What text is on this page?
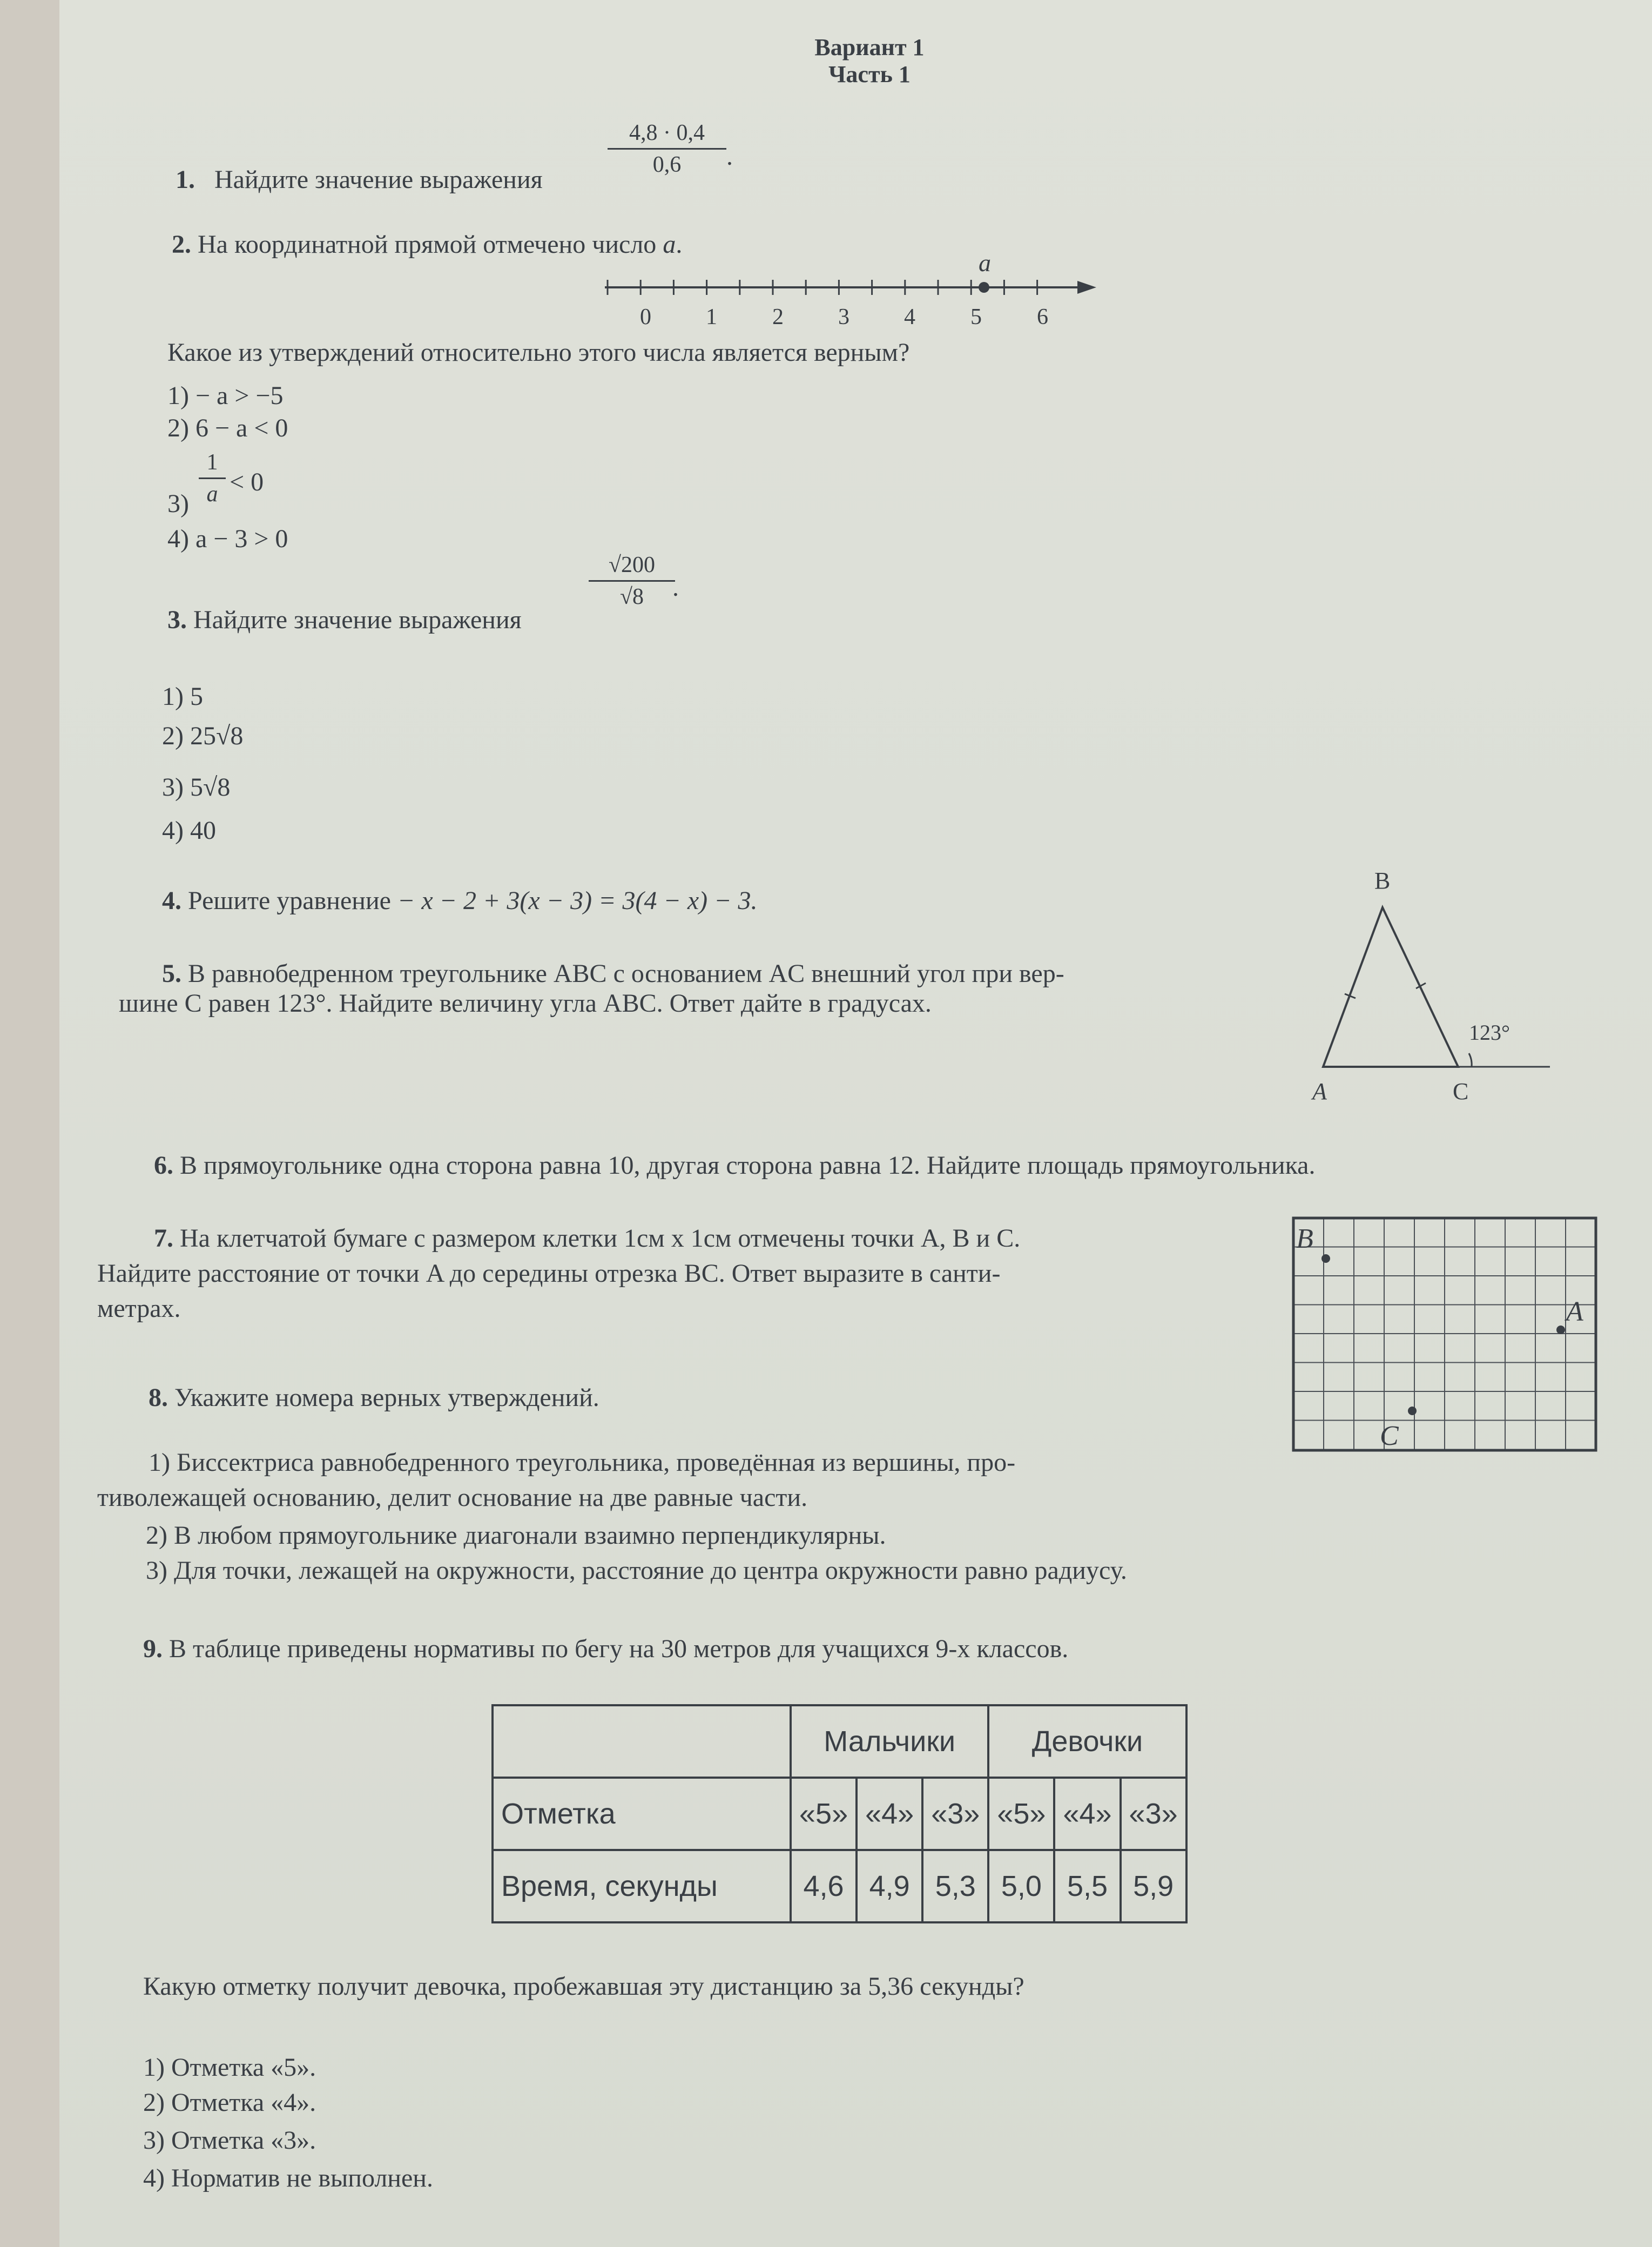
Вариант 1
Часть 1
1. Найдите значение выражения
4,8 · 0,4
0,6	.
2. На координатной прямой отмечено число a.
a
0 1 2 3 4 5 6
Какое из утверждений относительно этого числа является верным?
1) − a > −5
2) 6 − a < 0
3)
1
a < 0
4) a − 3 > 0
3. Найдите значение выражения
√200
√8	.
1) 5
2) 25√8
3) 5√8
4) 40
4. Решите уравнение − x − 2 + 3(x − 3) = 3(4 − x) − 3.
5. В равнобедренном треугольнике ABC с основанием AC внешний угол при вер-
шине C равен 123°. Найдите величину угла ABC. Ответ дайте в градусах.
B
A	C
123°
6. В прямоугольнике одна сторона равна 10, другая сторона равна 12. Найдите площадь прямоугольника.
7. На клетчатой бумаге с размером клетки 1см х 1см отмечены точки A, B и C.
Найдите расстояние от точки A до середины отрезка BC. Ответ выразите в санти-
метрах.
B
A
C
8. Укажите номера верных утверждений.
1) Биссектриса равнобедренного треугольника, проведённая из вершины, про-
тиволежащей основанию, делит основание на две равные части.
2) В любом прямоугольнике диагонали взаимно перпендикулярны.
3) Для точки, лежащей на окружности, расстояние до центра окружности равно радиусу.
9. В таблице приведены нормативы по бегу на 30 метров для учащихся 9-х классов.
	Мальчики			Девочки		
Отметка	«5»	«4»	«3»	«5»	«4»	«3»
Время, секунды	4,6	4,9	5,3	5,0	5,5	5,9
Какую отметку получит девочка, пробежавшая эту дистанцию за 5,36 секунды?
1) Отметка «5».
2) Отметка «4».
3) Отметка «3».
4) Норматив не выполнен.
